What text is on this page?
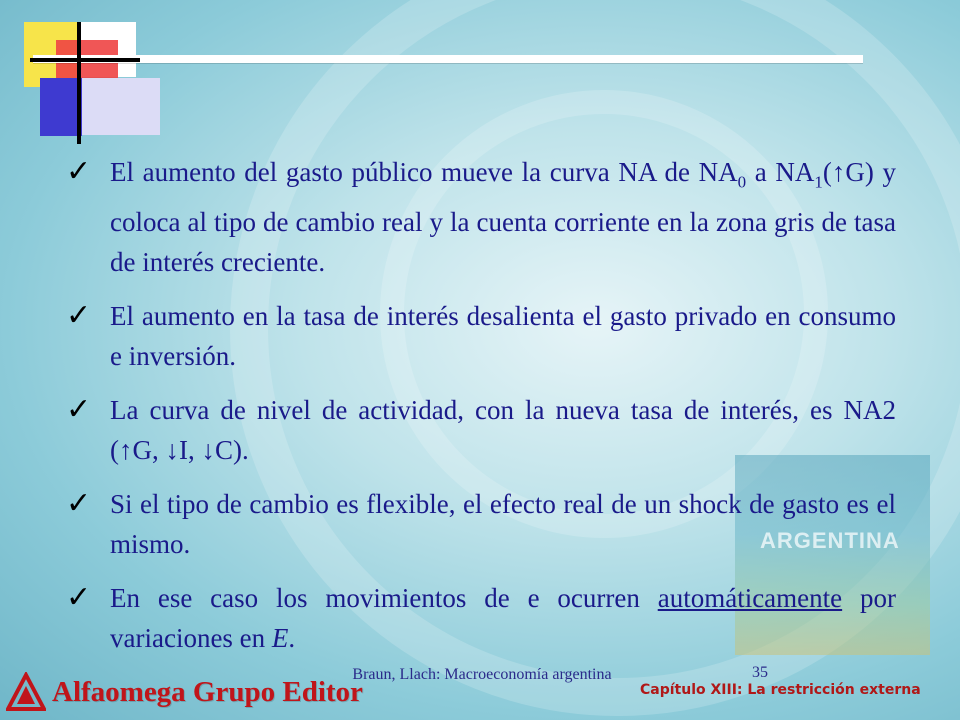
ARGENTINA
✓ El aumento del gasto público mueve la curva NA de $NA_0$ a $NA_1(↑G)$ y coloca al tipo de cambio real y la cuenta corriente en la zona gris de tasa de interés creciente.
✓ El aumento en la tasa de interés desalienta el gasto privado en consumo e inversión.
✓ La curva de nivel de actividad, con la nueva tasa de interés, es NA2 (↑G, ↓I, ↓C).
✓ Si el tipo de cambio es flexible, el efecto real de un shock de gasto es el mismo.
✓ En ese caso los movimientos de e ocurren automáticamente por variaciones en E.
Alfaomega Grupo Editor
Braun, Llach: Macroeconomía argentina	35
Capítulo XIII: La restricción externa
